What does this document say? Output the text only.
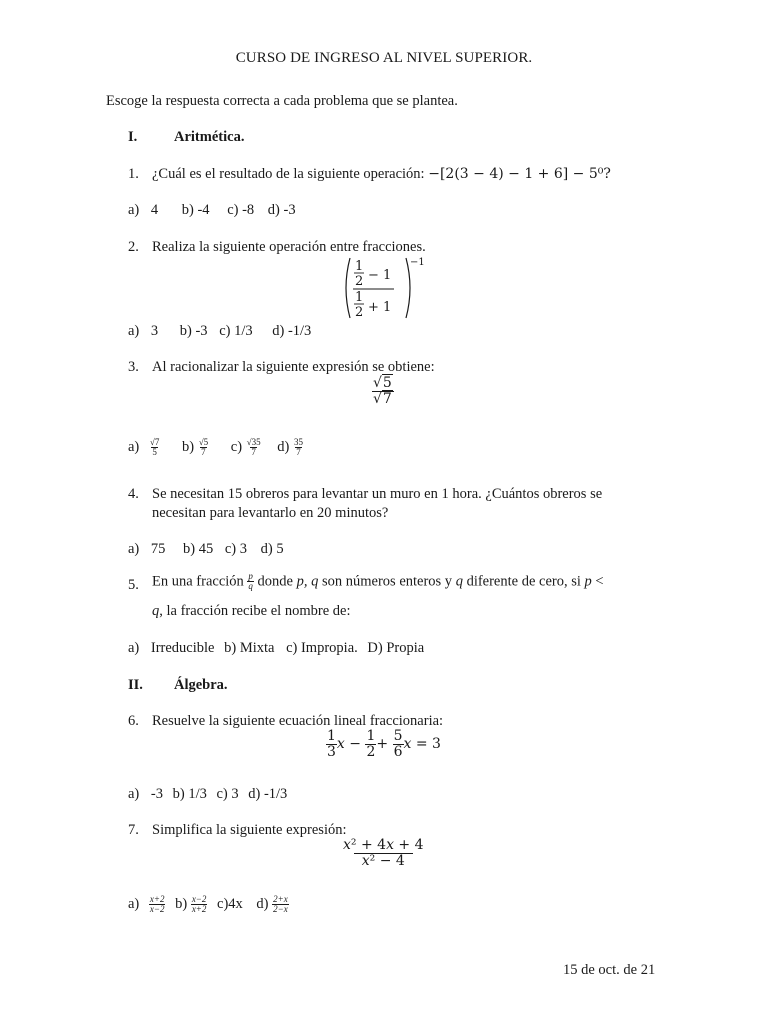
CURSO DE INGRESO AL NIVEL SUPERIOR.
Escoge la respuesta correcta a cada problema que se plantea.
I.	Aritmética.
1. ¿Cuál es el resultado de la siguiente operación: −[2(3 − 4) − 1 + 6] − 5⁰?
a) 4 b) -4 c) -8 d) -3
2. Realiza la siguiente operación entre fracciones.
1
2 − 1
1
2 + 1
−1
a) 3 b) -3 c) 1/3 d) -1/3
3. Al racionalizar la siguiente expresión se obtiene:
$\frac{√5}{√7}$
$a) \frac{√7}{5} b) \frac{√5}{7} c) \frac{√35}{7} d) \frac{35}{7}$
4. Se necesitan 15 obreros para levantar un muro en 1 hora. ¿Cuántos obreros se
necesitan para levantarlo en 20 minutos?
a) 75 b) 45 c) 3 d) 5
5. En una fracción $\frac{p}{q}$ donde p, q son números enteros y q diferente de cero, si p <
q, la fracción recibe el nombre de:
a) Irreducible b) Mixta c) Impropia. D) Propia
II. Álgebra.
6. Resuelve la siguiente ecuación lineal fraccionaria:
$\frac{1}{3}$ $x - \frac{1}{2} + \frac{5}{6}$ x = 3
a) -3 b) 1/3 c) 3 d) -1/3
7. Simplifica la siguiente expresión:
$\frac{\text{x² + 4x + 4}}{\text{x² − 4}}$
$a) \frac{x+2}{x-2} b) \frac{x-2}{x+2} c)4x$ $d) \frac{2+x}{2-x}$
15 de oct. de 21
